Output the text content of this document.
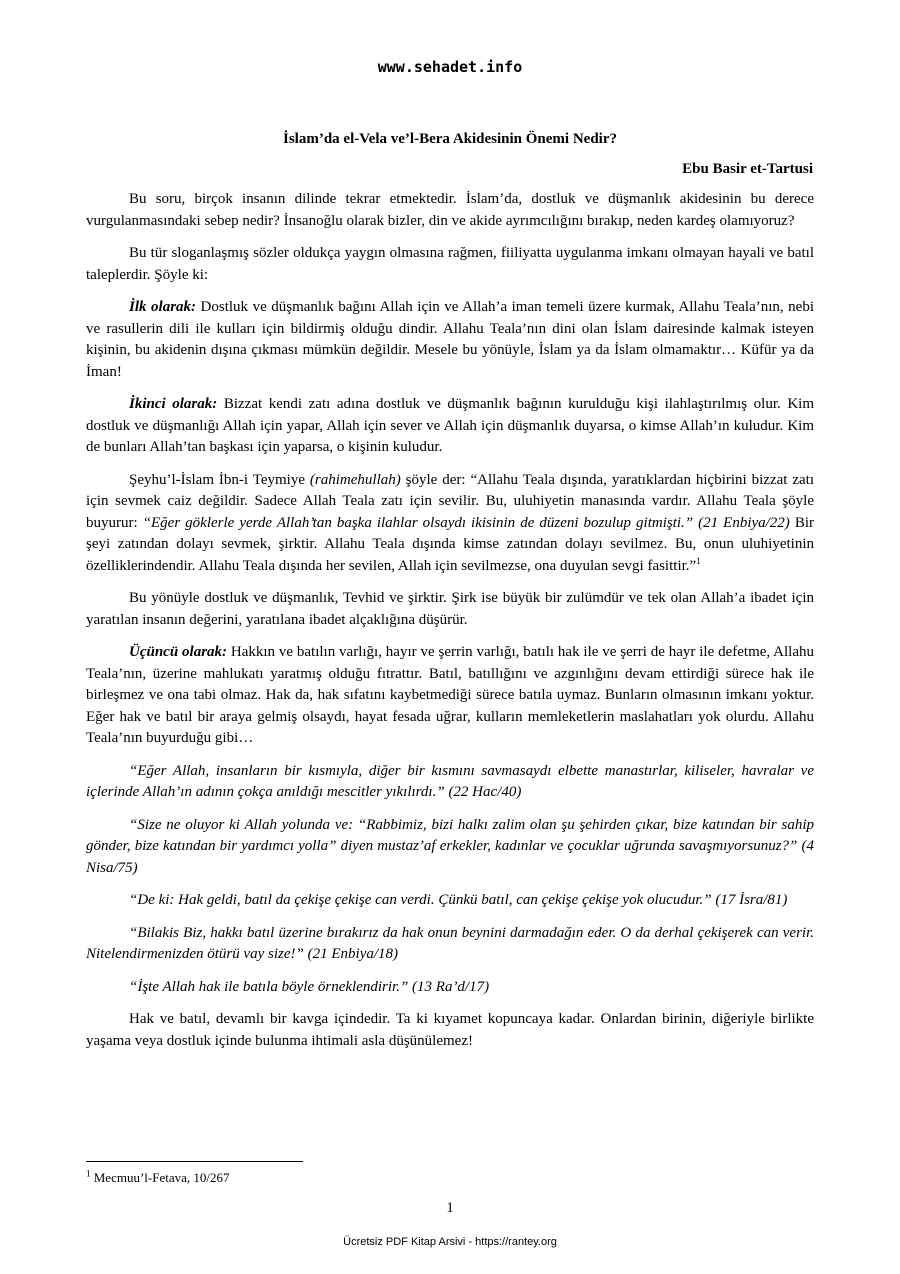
www.sehadet.info
İslam’da el-Vela ve’l-Bera Akidesinin Önemi Nedir?
Ebu Basir et-Tartusi

Bu soru, birçok insanın dilinde tekrar etmektedir. İslam’da, dostluk ve düşmanlık akidesinin bu derece vurgulanmasındaki sebep nedir? İnsanoğlu olarak bizler, din ve akide ayrımcılığını bırakıp, neden kardeş olamıyoruz?

Bu tür sloganlaşmış sözler oldukça yaygın olmasına rağmen, fiiliyatta uygulanma imkanı olmayan hayali ve batıl taleplerdir. Şöyle ki:

İlk olarak: Dostluk ve düşmanlık bağını Allah için ve Allah’a iman temeli üzere kurmak, Allahu Teala’nın, nebi ve rasullerin dili ile kulları için bildirmiş olduğu dindir. Allahu Teala’nın dini olan İslam dairesinde kalmak isteyen kişinin, bu akidenin dışına çıkması mümkün değildir. Mesele bu yönüyle, İslam ya da İslam olmamaktır… Küfür ya da İman!

İkinci olarak: Bizzat kendi zatı adına dostluk ve düşmanlık bağının kurulduğu kişi ilahlaştırılmış olur. Kim dostluk ve düşmanlığı Allah için yapar, Allah için sever ve Allah için düşmanlık duyarsa, o kimse Allah’ın kuludur. Kim de bunları Allah’tan başkası için yaparsa, o kişinin kuludur.

Şeyhu’l-İslam İbn-i Teymiye (rahimehullah) şöyle der: “Allahu Teala dışında, yaratıklardan hiçbirini bizzat zatı için sevmek caiz değildir. Sadece Allah Teala zatı için sevilir. Bu, uluhiyetin manasında vardır. Allahu Teala şöyle buyurur: “Eğer göklerle yerde Allah’tan başka ilahlar olsaydı ikisinin de düzeni bozulup gitmişti.” (21 Enbiya/22) Bir şeyi zatından dolayı sevmek, şirktir. Allahu Teala dışında kimse zatından dolayı sevilmez. Bu, onun uluhiyetinin özelliklerindendir. Allahu Teala dışında her sevilen, Allah için sevilmezse, ona duyulan sevgi fasittir.”$^1$

Bu yönüyle dostluk ve düşmanlık, Tevhid ve şirktir. Şirk ise büyük bir zulümdür ve tek olan Allah’a ibadet için yaratılan insanın değerini, yaratılana ibadet alçaklığına düşürür.

Üçüncü olarak: Hakkın ve batılın varlığı, hayır ve şerrin varlığı, batılı hak ile ve şerri de hayr ile defetme, Allahu Teala’nın, üzerine mahlukatı yaratmış olduğu fıtrattır. Batıl, batıllığını ve azgınlığını devam ettirdiği sürece hak ile birleşmez ve ona tabi olmaz. Hak da, hak sıfatını kaybetmediği sürece batıla uymaz. Bunların olmasının imkanı yoktur. Eğer hak ve batıl bir araya gelmiş olsaydı, hayat fesada uğrar, kulların memleketlerin maslahatları yok olurdu. Allahu Teala’nın buyurduğu gibi…

“Eğer Allah, insanların bir kısmıyla, diğer bir kısmını savmasaydı elbette manastırlar, kiliseler, havralar ve içlerinde Allah’ın adının çokça anıldığı mescitler yıkılırdı.” (22 Hac/40)

“Size ne oluyor ki Allah yolunda ve: “Rabbimiz, bizi halkı zalim olan şu şehirden çıkar, bize katından bir sahip gönder, bize katından bir yardımcı yolla” diyen mustaz’af erkekler, kadınlar ve çocuklar uğrunda savaşmıyorsunuz?” (4 Nisa/75)

“De ki: Hak geldi, batıl da çekişe çekişe can verdi. Çünkü batıl, can çekişe çekişe yok olucudur.” (17 İsra/81)

“Bilakis Biz, hakkı batıl üzerine bırakırız da hak onun beynini darmadağın eder. O da derhal çekişerek can verir. Nitelendirmenizden ötürü vay size!” (21 Enbiya/18)

“İşte Allah hak ile batıla böyle örneklendirir.” (13 Ra’d/17)

Hak ve batıl, devamlı bir kavga içindedir. Ta ki kıyamet kopuncaya kadar. Onlardan birinin, diğeriyle birlikte yaşama veya dostluk içinde bulunma ihtimali asla düşünülemez!

$^1$ Mecmuu’l-Fetava, 10/267
1
Ücretsiz PDF Kitap Arsivi - https://rantey.org
